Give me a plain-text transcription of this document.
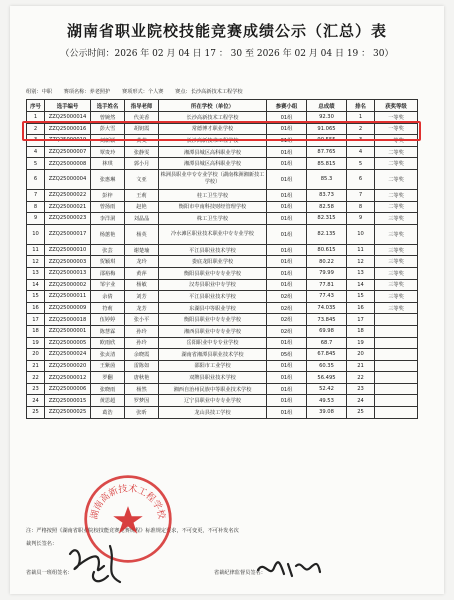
湖南省职业院校技能竞赛成绩公示（汇总）表
（公示时间：2026 年 02 月 04 日 17 ： 30 至 2026 年 02 月 04 日 19 ： 30）
组别：中职 赛项名称：养老照护 赛项形式：个人赛 赛点：长沙高新技术工程学校
序号	选手编号	选手姓名	指导老师	所在学校（单位）	参赛小组	总成绩	排名	获奖等级
1	ZZQ25000014	曾婉然	代美香	长沙高新技术工程学校	01组	92.30	1	一等奖
2	ZZQ25000016	彭大雪	胡钥霞	常德博才职业学校	01组	91.065	2	一等奖
3	ZZQ25000019	刘新颖	黄艾	长沙高新技术工程学校	01组	90.555	3	一等奖
4	ZZQ25000007	覃贵玲	张静雯	湘潭县城区高科职业学校	01组	87.765	4	二等奖
5	ZZQ25000008	林琪	郭小月	湘潭县城区高科职业学校	01组	85.815	5	二等奖
6	ZZQ25000004	张惠琳	文亚	株洲县职业中专专业学校（湖南株洲湘新技工学校）	01组	85.3	6	二等奖
7	ZZQ25000022	彭梓	王莉	桂工卫生学校	01组	83.73	7	二等奖
8	ZZQ25000021	曾扬雨	赵艳	衡阳市中南科技财经管理学校	01组	82.58	8	二等奖
9	ZZQ25000023	李洋洞	刘晶晶	株工卫生学校	01组	82.315	9	三等奖
10	ZZQ25000017	杨蕙艳	杨英	冷水滩区职业技术职业中专专业学校	01组	82.135	10	三等奖
11	ZZQ25000010	张芸	谢楚瑜	平江县职业技术学校	01组	80.615	11	三等奖
12	ZZQ25000003	贺颖琪	龙玲	娄底龙阳职业学校	01组	80.22	12	三等奖
13	ZZQ25000013	邵裕梅	黄萍	衡阳县职业中专专业学校	01组	79.99	13	三等奖
14	ZZQ25000002	邹宇业	杨敏	汉寿县职业中专学校	01组	77.81	14	三等奖
15	ZZQ25000011	余倩	刘芳	平江县职业技术学校	02组	77.43	15	三等奖
16	ZZQ25000009	符莉	龙芳	东湖县中等职业学校	02组	74.035	16	三等奖
17	ZZQ25000018	伍婷婷	张小平	衡阳县职业中专专业学校	02组	73.845	17	
18	ZZQ25000001	陈慧霖	孙玲	湘西县职业中专专业学校	02组	69.98	18	
19	ZZQ25000005	欧雨欣	孙玲	岳阳职业中专专业学校	01组	68.7	19	
20	ZZQ25000024	张贞清	余晓霞	湖南省湘潭县职业技术学校	05组	67.845	20	
21	ZZQ25000020	王紫茵	雷陈如	邵阳市工业学校	01组	60.35	21	
22	ZZQ25000012	罗翻	唐秋艳	双牌县职业技术学校	01组	56.495	22	
23	ZZQ25000006	张晓雨	杨然	湘西自治州民族中等职业技术学校	01组	52.42	23	
24	ZZQ25000015	黄思超	罗梦因	辽宁县职业中专专业学校	01组	49.53	24	
25	ZZQ25000025	葛浩	张昕	龙山县技工学校	01组	39.08	25	
注：严格按照《湖南省职业院校技能竞赛竞赛规程》标准规定要求，不可变更，不可补发名次
裁判长签名：
省裁员一班组签名：	省裁纪律监督员签名：
湖南高新技术工程学校
